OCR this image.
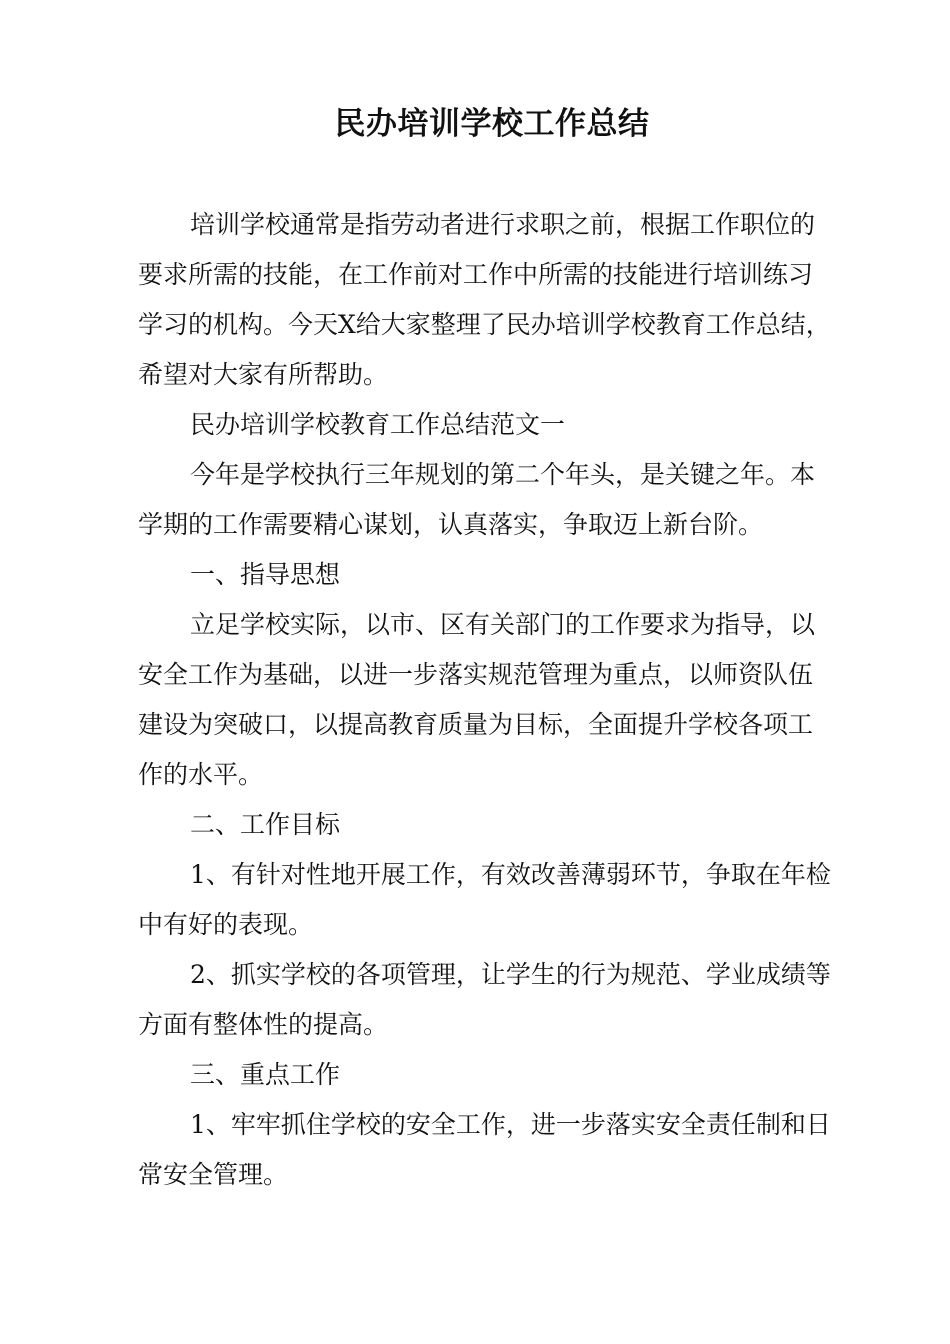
民办培训学校工作总结
培训学校通常是指劳动者进行求职之前，根据工作职位的
要求所需的技能，在工作前对工作中所需的技能进行培训练习
学习的机构。今天X给大家整理了民办培训学校教育工作总结，
希望对大家有所帮助。
民办培训学校教育工作总结范文一
今年是学校执行三年规划的第二个年头，是关键之年。本
学期的工作需要精心谋划，认真落实，争取迈上新台阶。
一、指导思想
立足学校实际，以市、区有关部门的工作要求为指导，以
安全工作为基础，以进一步落实规范管理为重点，以师资队伍
建设为突破口，以提高教育质量为目标，全面提升学校各项工
作的水平。
二、工作目标
1、有针对性地开展工作，有效改善薄弱环节，争取在年检
中有好的表现。
2、抓实学校的各项管理，让学生的行为规范、学业成绩等
方面有整体性的提高。
三、重点工作
1、牢牢抓住学校的安全工作，进一步落实安全责任制和日
常安全管理。
